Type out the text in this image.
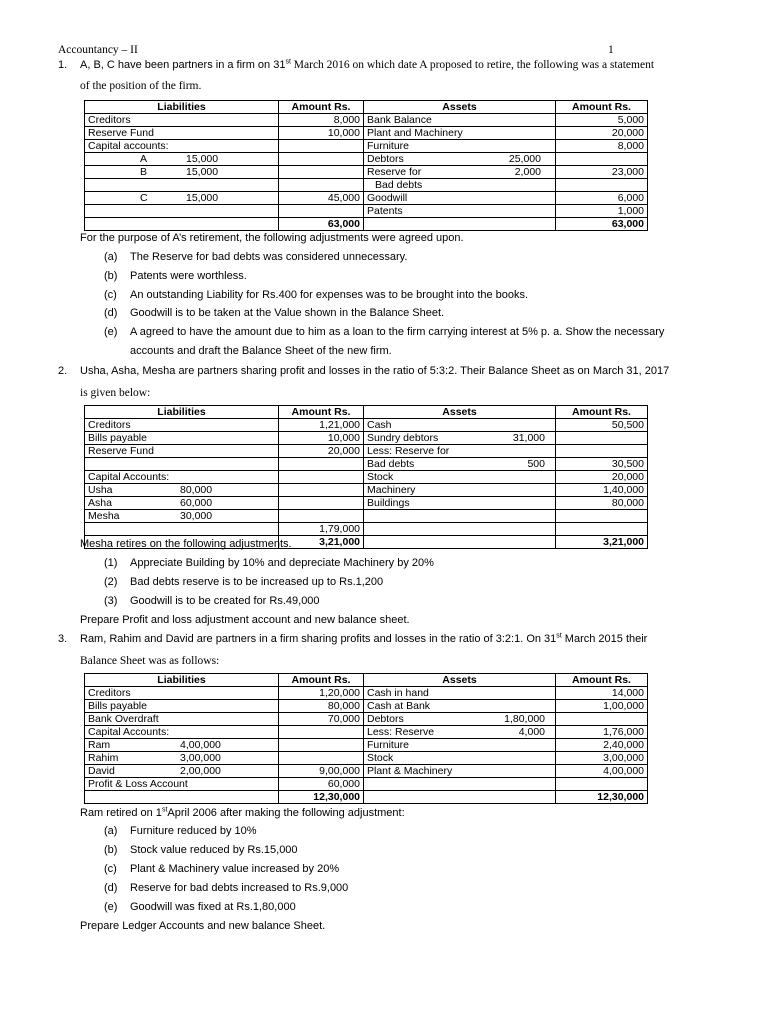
Accountancy – II	1
1. A, B, C have been partners in a firm on 31st March 2016 on which date A proposed to retire, the following was a statement
of the position of the firm.
Liabilities	Amount Rs.	Assets	Amount Rs.
Creditors	8,000	Bank Balance	5,000
Reserve Fund	10,000	Plant and Machinery	20,000
Capital accounts:		Furniture	8,000
A 15,000		Debtors 25,000	
B 15,000		Reserve for 2,000	23,000
		Bad debts	
C 15,000	45,000	Goodwill	6,000
		Patents	1,000
	63,000		63,000
For the purpose of A’s retirement, the following adjustments were agreed upon.
(a) The Reserve for bad debts was considered unnecessary.
(b) Patents were worthless.
(c) An outstanding Liability for Rs.400 for expenses was to be brought into the books.
(d) Goodwill is to be taken at the Value shown in the Balance Sheet.
(e) A agreed to have the amount due to him as a loan to the firm carrying interest at 5% p. a. Show the necessary
accounts and draft the Balance Sheet of the new firm.
2. Usha, Asha, Mesha are partners sharing profit and losses in the ratio of 5:3:2. Their Balance Sheet as on March 31, 2017
is given below:
Liabilities	Amount Rs.	Assets	Amount Rs.
Creditors	1,21,000	Cash	50,500
Bills payable	10,000	Sundry debtors 31,000	
Reserve Fund	20,000	Less: Reserve for	
		Bad debts 500	30,500
Capital Accounts:		Stock	20,000
Usha 80,000		Machinery	1,40,000
Asha 60,000		Buildings	80,000
Mesha 30,000			
	1,79,000		
	3,21,000		3,21,000
Mesha retires on the following adjustments.
(1) Appreciate Building by 10% and depreciate Machinery by 20%
(2) Bad debts reserve is to be increased up to Rs.1,200
(3) Goodwill is to be created for Rs.49,000
Prepare Profit and loss adjustment account and new balance sheet.
3. Ram, Rahim and David are partners in a firm sharing profits and losses in the ratio of 3:2:1. On 31st March 2015 their
Balance Sheet was as follows:
Liabilities	Amount Rs.	Assets	Amount Rs.
Creditors	1,20,000	Cash in hand	14,000
Bills payable	80,000	Cash at Bank	1,00,000
Bank Overdraft	70,000	Debtors 1,80,000	
Capital Accounts:		Less: Reserve 4,000	1,76,000
Ram 4,00,000		Furniture	2,40,000
Rahim 3,00,000		Stock	3,00,000
David 2,00,000	9,00,000	Plant & Machinery	4,00,000
Profit & Loss Account	60,000		
	12,30,000		12,30,000
Ram retired on 1stApril 2006 after making the following adjustment:
(a) Furniture reduced by 10%
(b) Stock value reduced by Rs.15,000
(c) Plant & Machinery value increased by 20%
(d) Reserve for bad debts increased to Rs.9,000
(e) Goodwill was fixed at Rs.1,80,000
Prepare Ledger Accounts and new balance Sheet.
